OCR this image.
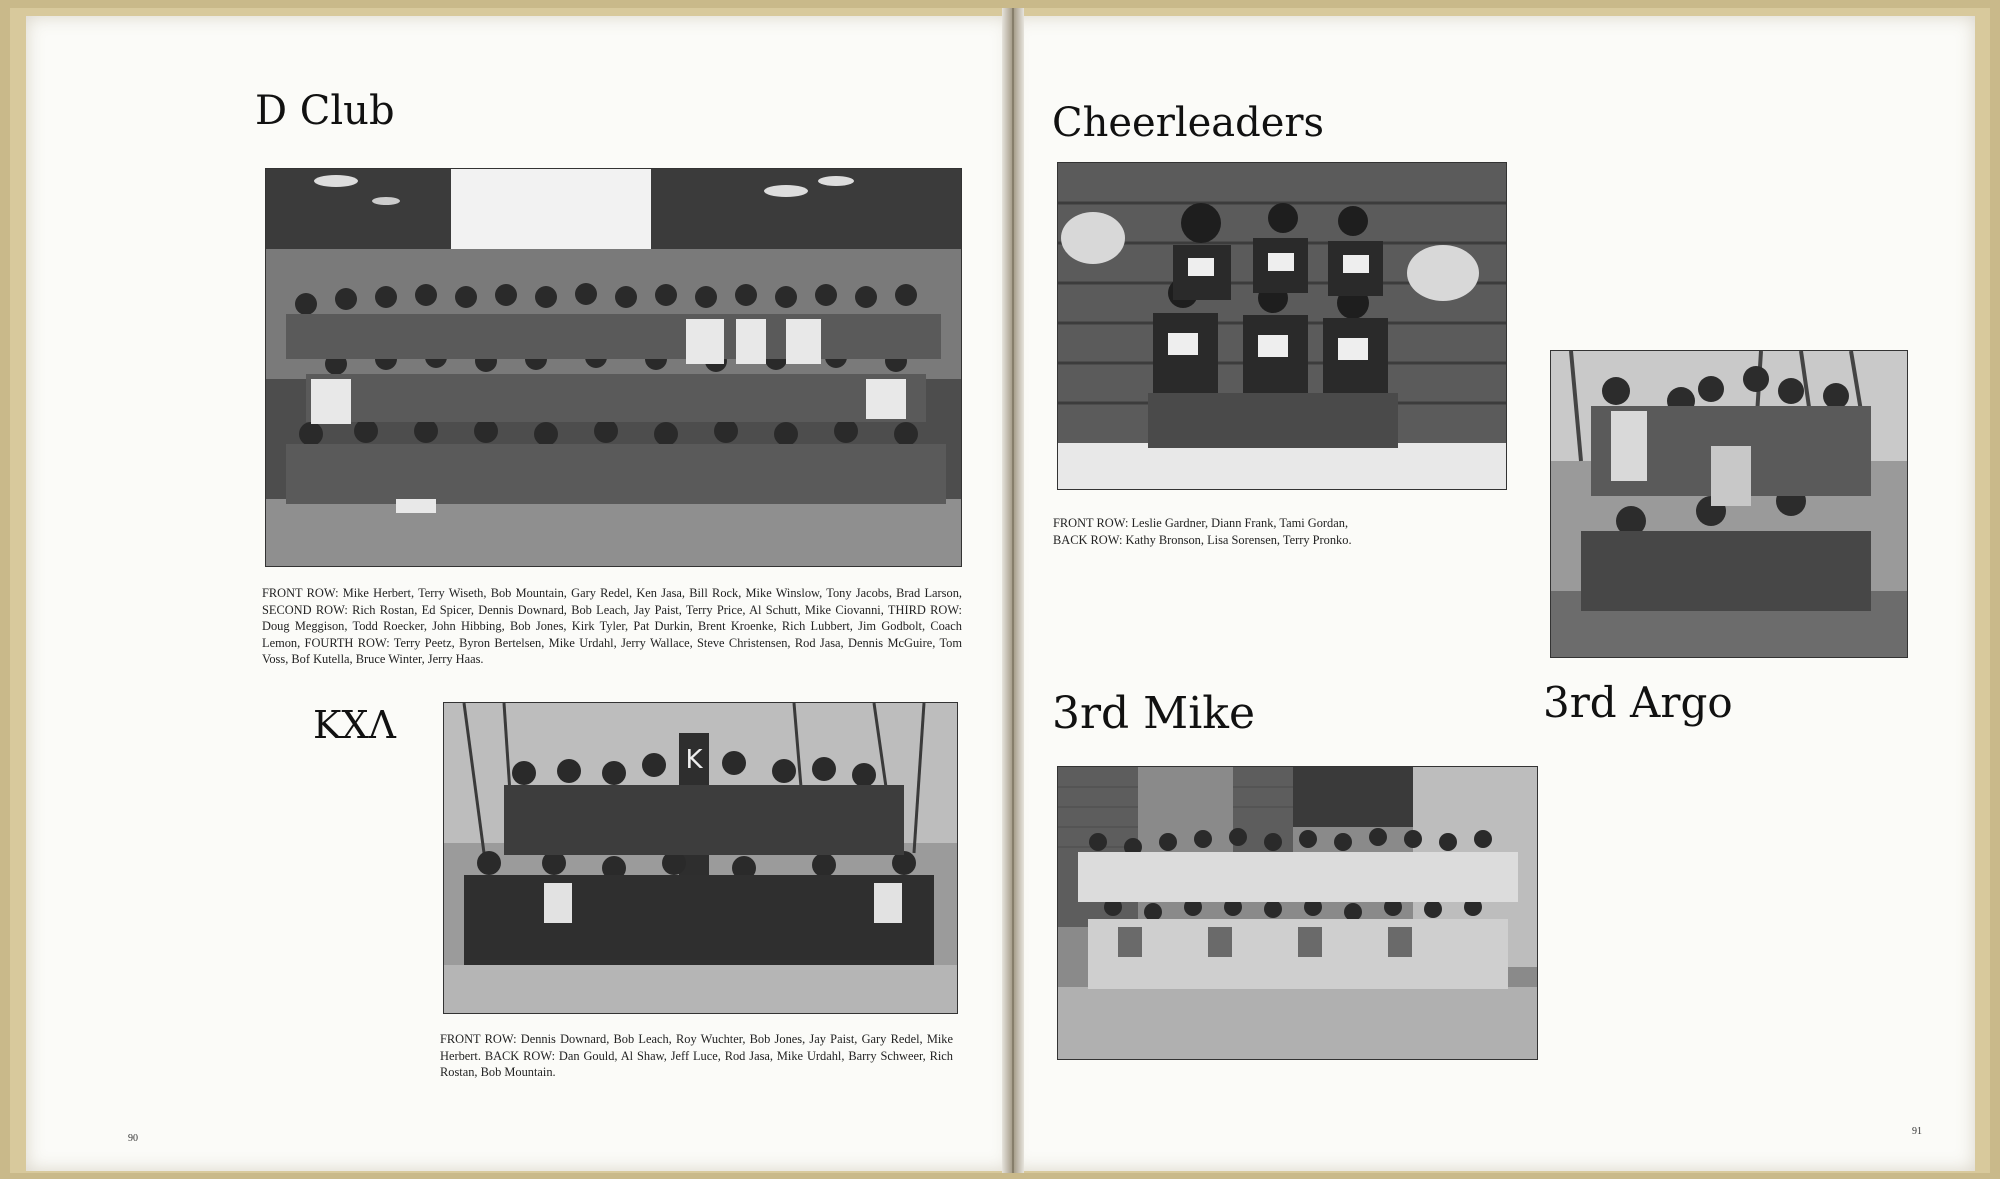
D Club

FRONT ROW: Mike Herbert, Terry Wiseth, Bob Mountain, Gary Redel, Ken Jasa, Bill Rock, Mike Winslow, Tony Jacobs, Brad Larson, SECOND ROW: Rich Rostan, Ed Spicer, Dennis Downard, Bob Leach, Jay Paist, Terry Price, Al Schutt, Mike Ciovanni, THIRD ROW: Doug Meggison, Todd Roecker, John Hibbing, Bob Jones, Kirk Tyler, Pat Durkin, Brent Kroenke, Rich Lubbert, Jim Godbolt, Coach Lemon, FOURTH ROW: Terry Peetz, Byron Bertelsen, Mike Urdahl, Jerry Wallace, Steve Christensen, Rod Jasa, Dennis McGuire, Tom Voss, Bof Kutella, Bruce Winter, Jerry Haas.

ΚΧΛ
K

FRONT ROW: Dennis Downard, Bob Leach, Roy Wuchter, Bob Jones, Jay Paist, Gary Redel, Mike Herbert. BACK ROW: Dan Gould, Al Shaw, Jeff Luce, Rod Jasa, Mike Urdahl, Barry Schweer, Rich Rostan, Bob Mountain.

90
Cheerleaders

FRONT ROW: Leslie Gardner, Diann Frank, Tami Gordan,
BACK ROW: Kathy Bronson, Lisa Sorensen, Terry Pronko.

3rd Argo
3rd Mike
91
